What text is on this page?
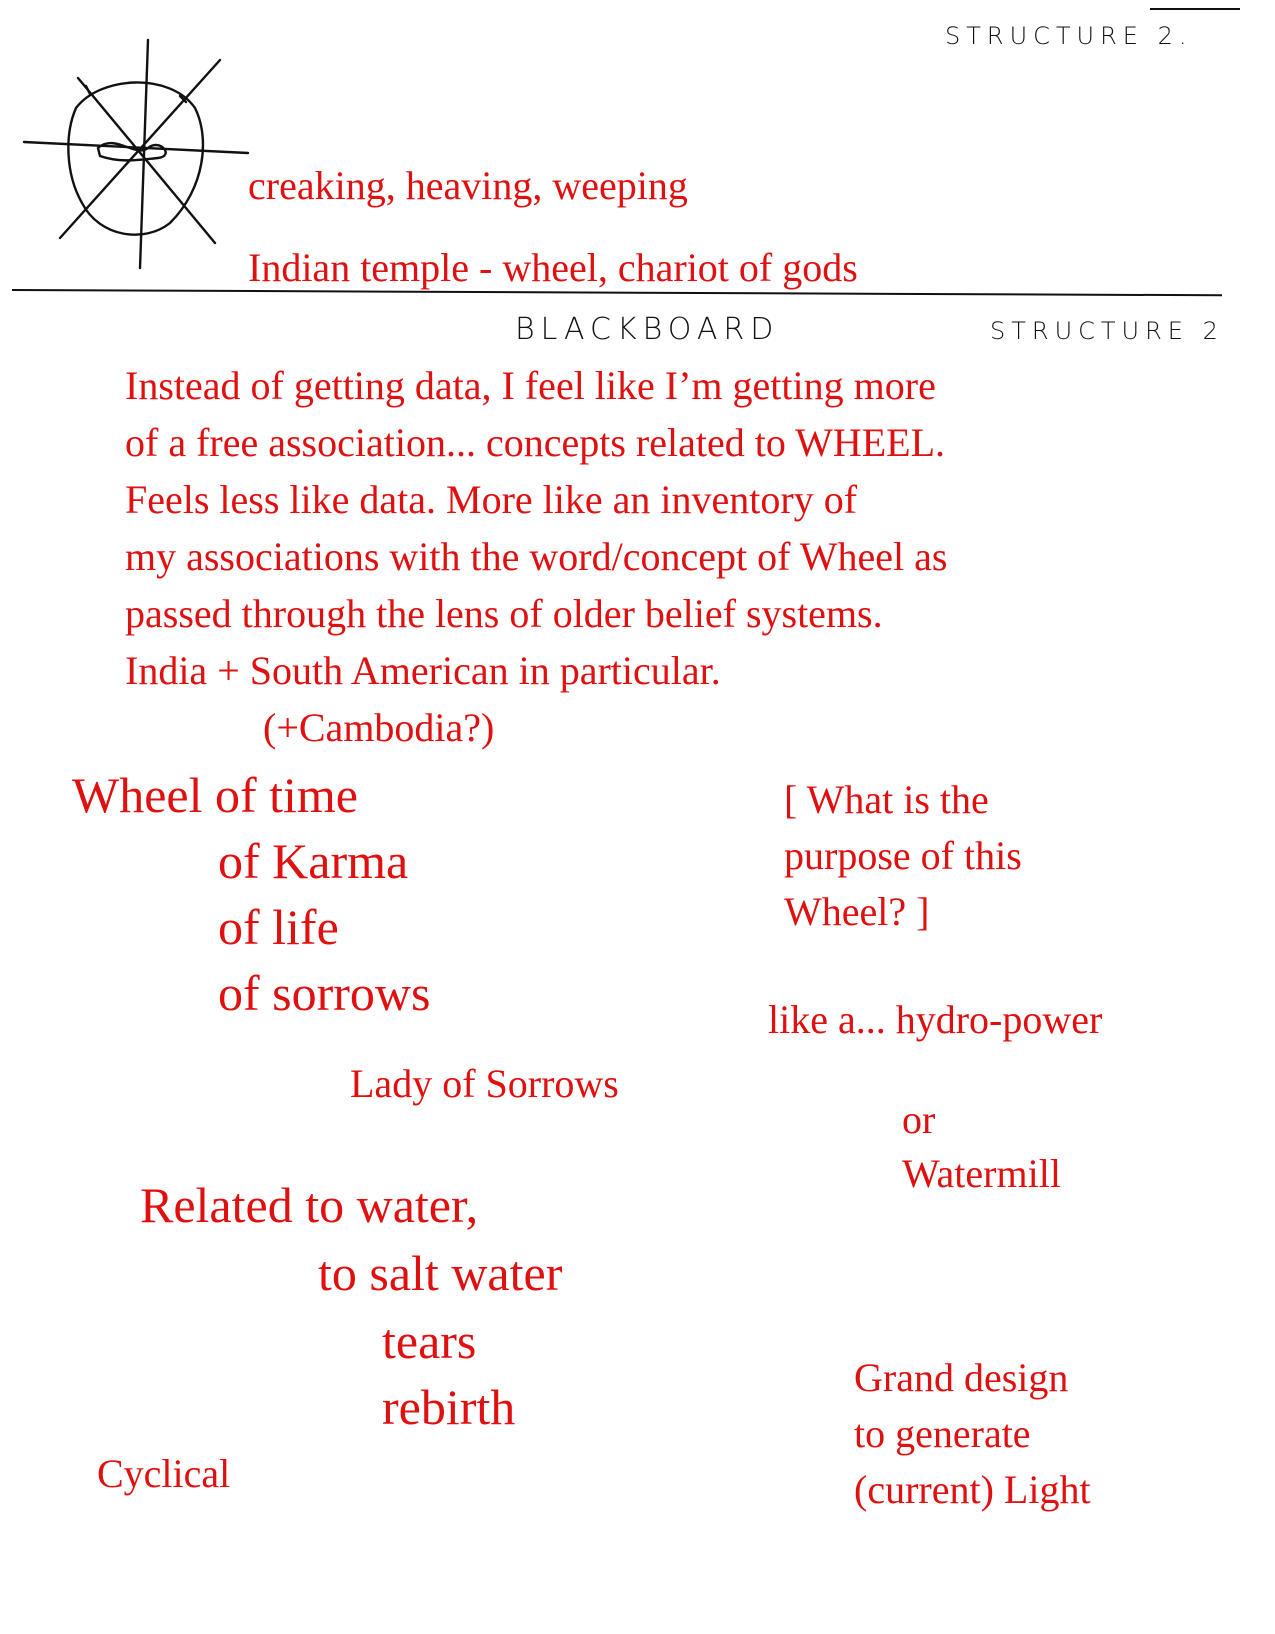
STRUCTURE 2.
creaking, heaving, weeping
Indian temple - wheel, chariot of gods
BLACKBOARD	STRUCTURE 2
Instead of getting data, I feel like I’m getting more
of a free association... concepts related to WHEEL.
Feels less like data. More like an inventory of
my associations with the word/concept of Wheel as
passed through the lens of older belief systems.
India + South American in particular.
(+Cambodia?)
Wheel of time
of Karma
of life
of sorrows
Lady of Sorrows
Related to water,
to salt water
tears
rebirth
Cyclical
[ What is the
purpose of this
Wheel? ]
like a... hydro-power
or
Watermill
Grand design
to generate
(current) Light
